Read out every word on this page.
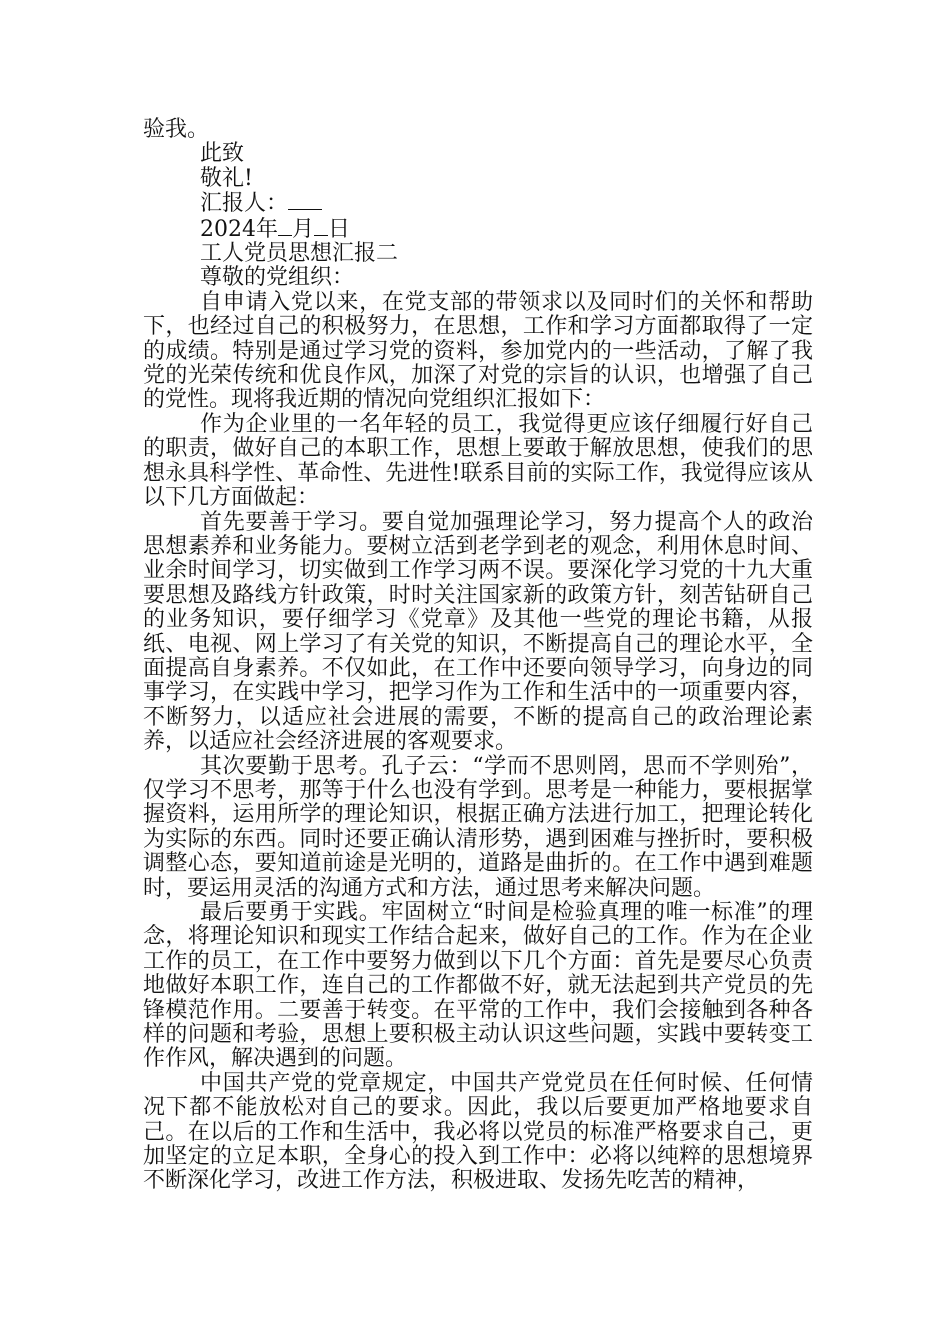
验我。

此致

敬礼!

汇报人：

2024年 月 日

工人党员思想汇报二

尊敬的党组织：

自申请入党以来，在党支部的带领求以及同时们的关怀和帮助下，也经过自己的积极努力，在思想，工作和学习方面都取得了一定的成绩。特别是通过学习党的资料，参加党内的一些活动，了解了我党的光荣传统和优良作风，加深了对党的宗旨的认识，也增强了自己的党性。现将我近期的情况向党组织汇报如下：

作为企业里的一名年轻的员工，我觉得更应该仔细履行好自己的职责，做好自己的本职工作，思想上要敢于解放思想，使我们的思想永具科学性、革命性、先进性!联系目前的实际工作，我觉得应该从以下几方面做起：

首先要善于学习。要自觉加强理论学习，努力提高个人的政治思想素养和业务能力。要树立活到老学到老的观念，利用休息时间、业余时间学习，切实做到工作学习两不误。要深化学习党的十九大重要思想及路线方针政策，时时关注国家新的政策方针，刻苦钻研自己的业务知识，要仔细学习《党章》及其他一些党的理论书籍，从报纸、电视、网上学习了有关党的知识，不断提高自己的理论水平，全面提高自身素养。不仅如此，在工作中还要向领导学习，向身边的同事学习，在实践中学习，把学习作为工作和生活中的一项重要内容，不断努力，以适应社会进展的需要，不断的提高自己的政治理论素养，以适应社会经济进展的客观要求。

其次要勤于思考。孔子云：“学而不思则罔，思而不学则殆”，仅学习不思考，那等于什么也没有学到。思考是一种能力，要根据掌握资料，运用所学的理论知识，根据正确方法进行加工，把理论转化为实际的东西。同时还要正确认清形势，遇到困难与挫折时，要积极调整心态，要知道前途是光明的，道路是曲折的。在工作中遇到难题时，要运用灵活的沟通方式和方法，通过思考来解决问题。

最后要勇于实践。牢固树立“时间是检验真理的唯一标准”的理念，将理论知识和现实工作结合起来，做好自己的工作。作为在企业工作的员工，在工作中要努力做到以下几个方面：首先是要尽心负责地做好本职工作，连自己的工作都做不好，就无法起到共产党员的先锋模范作用。二要善于转变。在平常的工作中，我们会接触到各种各样的问题和考验，思想上要积极主动认识这些问题，实践中要转变工作作风，解决遇到的问题。

中国共产党的党章规定，中国共产党党员在任何时候、任何情况下都不能放松对自己的要求。因此，我以后要更加严格地要求自己。在以后的工作和生活中，我必将以党员的标准严格要求自己，更加坚定的立足本职，全身心的投入到工作中：必将以纯粹的思想境界不断深化学习，改进工作方法，积极进取、发扬先吃苦的精神，
